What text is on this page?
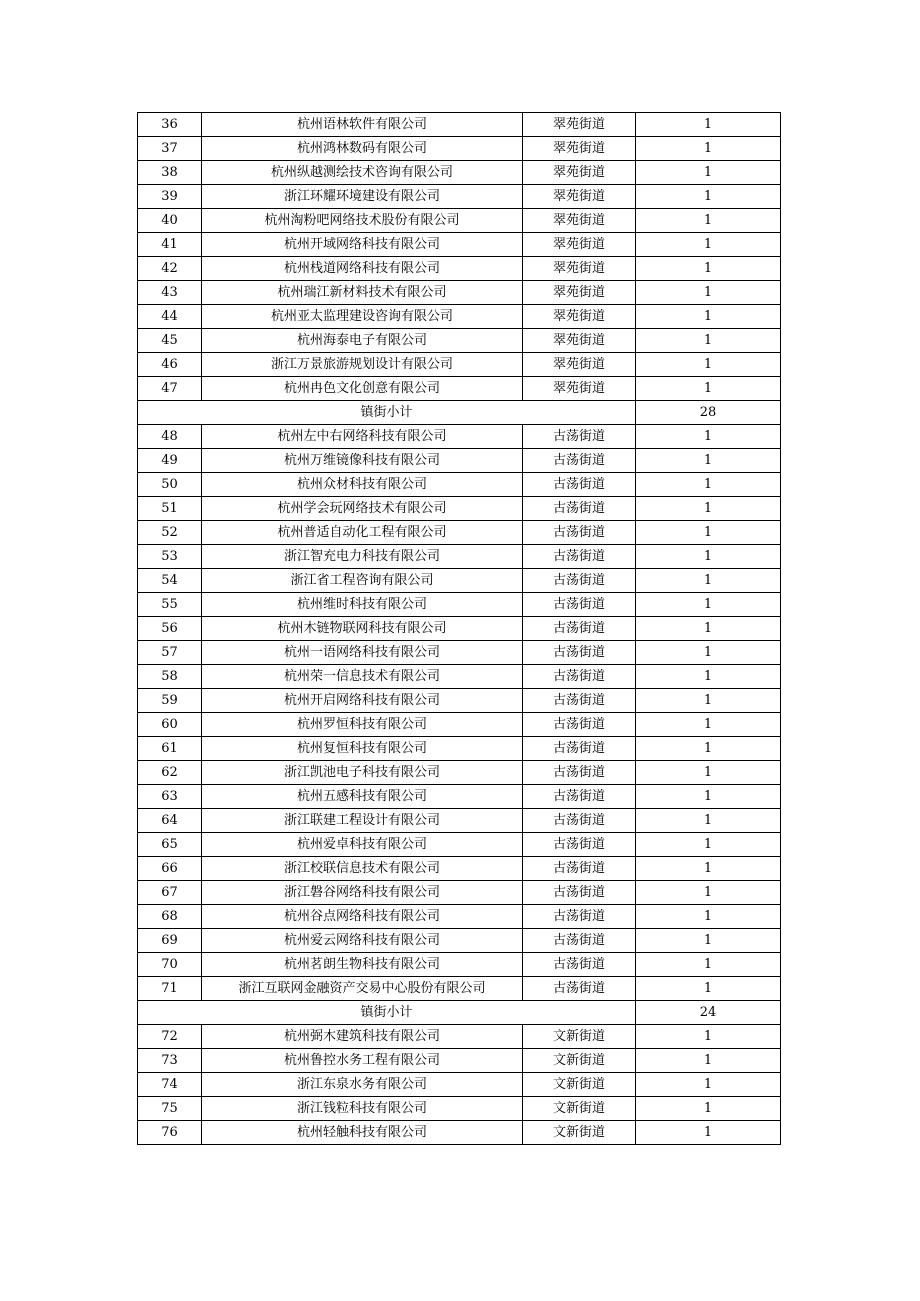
36	杭州语林软件有限公司	翠苑街道	1
37	杭州鸿林数码有限公司	翠苑街道	1
38	杭州纵越测绘技术咨询有限公司	翠苑街道	1
39	浙江环耀环境建设有限公司	翠苑街道	1
40	杭州淘粉吧网络技术股份有限公司	翠苑街道	1
41	杭州开域网络科技有限公司	翠苑街道	1
42	杭州栈道网络科技有限公司	翠苑街道	1
43	杭州瑞江新材料技术有限公司	翠苑街道	1
44	杭州亚太监理建设咨询有限公司	翠苑街道	1
45	杭州海泰电子有限公司	翠苑街道	1
46	浙江万景旅游规划设计有限公司	翠苑街道	1
47	杭州冉色文化创意有限公司	翠苑街道	1
镇街小计			28
48	杭州左中右网络科技有限公司	古荡街道	1
49	杭州万维镜像科技有限公司	古荡街道	1
50	杭州众材科技有限公司	古荡街道	1
51	杭州学会玩网络技术有限公司	古荡街道	1
52	杭州普适自动化工程有限公司	古荡街道	1
53	浙江智充电力科技有限公司	古荡街道	1
54	浙江省工程咨询有限公司	古荡街道	1
55	杭州维时科技有限公司	古荡街道	1
56	杭州木链物联网科技有限公司	古荡街道	1
57	杭州一语网络科技有限公司	古荡街道	1
58	杭州荣一信息技术有限公司	古荡街道	1
59	杭州开启网络科技有限公司	古荡街道	1
60	杭州罗恒科技有限公司	古荡街道	1
61	杭州复恒科技有限公司	古荡街道	1
62	浙江凯池电子科技有限公司	古荡街道	1
63	杭州五感科技有限公司	古荡街道	1
64	浙江联建工程设计有限公司	古荡街道	1
65	杭州爱卓科技有限公司	古荡街道	1
66	浙江校联信息技术有限公司	古荡街道	1
67	浙江磐谷网络科技有限公司	古荡街道	1
68	杭州谷点网络科技有限公司	古荡街道	1
69	杭州爱云网络科技有限公司	古荡街道	1
70	杭州茗朗生物科技有限公司	古荡街道	1
71	浙江互联网金融资产交易中心股份有限公司	古荡街道	1
镇街小计			24
72	杭州弼木建筑科技有限公司	文新街道	1
73	杭州鲁控水务工程有限公司	文新街道	1
74	浙江东泉水务有限公司	文新街道	1
75	浙江钱粒科技有限公司	文新街道	1
76	杭州轻触科技有限公司	文新街道	1
